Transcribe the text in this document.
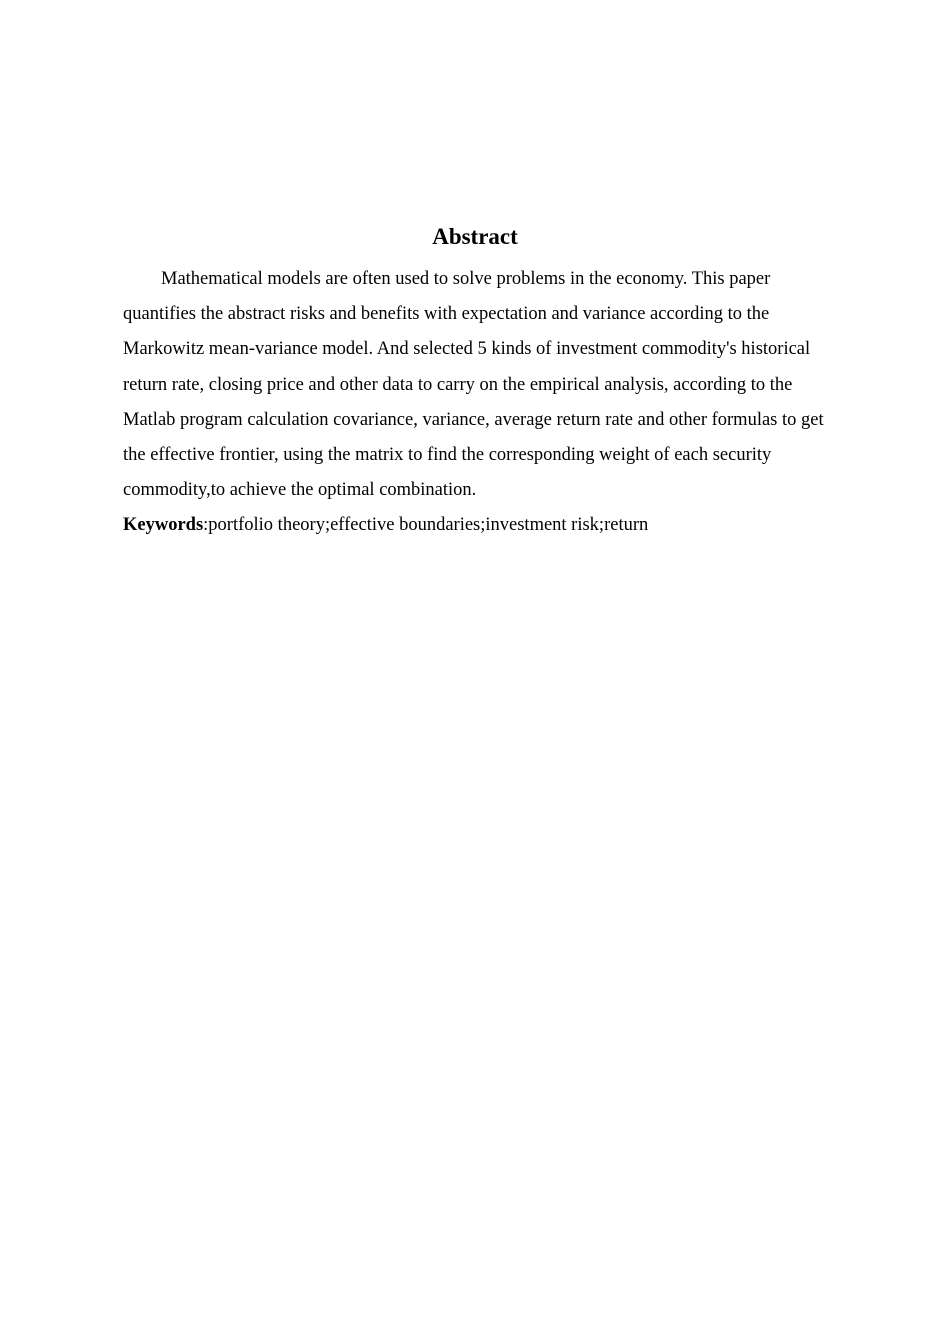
Abstract

Mathematical models are often used to solve problems in the economy. This paper quantifies the abstract risks and benefits with expectation and variance according to the Markowitz mean-variance model. And selected 5 kinds of investment commodity's historical return rate, closing price and other data to carry on the empirical analysis, according to the Matlab program calculation covariance, variance, average return rate and other formulas to get the effective frontier, using the matrix to find the corresponding weight of each security commodity,to achieve the optimal combination.

Keywords:portfolio theory;effective boundaries;investment risk;return
